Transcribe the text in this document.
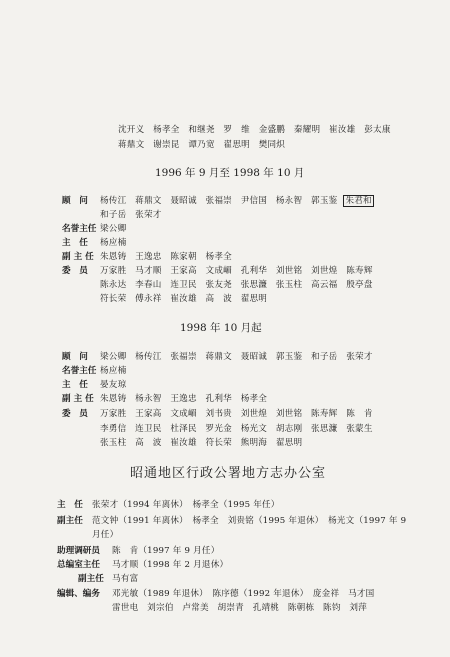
沈开义　杨孝全　和继尧　罗　维　金盛鹏　秦耀明　崔汝雄　彭太康
蒋鼎文　谢崇昆　谭乃宽　翟思明　樊同炽
1996 年 9 月至 1998 年 10 月
顾　问 杨传江　蒋鼎文　聂昭诚　张福崇　尹信国　杨永智　郭玉鉴 朱君和
和子岳　张荣才
名誉主任 梁公卿
主　任 杨应楠
副 主 任 朱恩铸　王逸忠　陈家朝　杨孝全
委　员 万家胜　马才顺　王家高　文成嵋　孔利华　刘世铭　刘世煌　陈寿辉
陈永达　李春山　连卫民　张友尧　张思濂　张玉柱　高云福　殷亭盘
符长荣　傅永祥　崔汝雄　高　波　翟思明
1998 年 10 月起
顾　问 梁公卿　杨传江　张福崇　蒋鼎文　聂昭诚　郭玉鉴　和子岳　张荣才
名誉主任 杨应楠
主　任 晏友琼
副 主 任 朱恩铸　杨永智　王逸忠　孔利华　杨孝全
委　员 万家胜　王家高　文成嵋　刘书贵　刘世煌　刘世铭　陈寿辉　陈　肯
李勇信　连卫民　杜泽民　罗光金　杨光文　胡志刚　张思濂　张蒙生
张玉柱　高　波　崔汝雄　符长荣　熊明海　翟思明
昭通地区行政公署地方志办公室
主　任 张荣才（1994 年离休）　杨孝全（1995 年任）
副主任 范文钟（1991 年离休）　杨孝全　刘贵铭（1995 年退休）　杨光文（1997 年 9
月任）
助理调研员 陈　肯（1997 年 9 月任）
总编室主任 马才顺（1998 年 2 月退休）
副主任 马有富
编辑、编务 邓光敏（1989 年退休）　陈序德（1992 年退休）　庞金祥　马才国
雷世电　刘宗伯　卢常美　胡崇青　孔靖桃　陈朝栋　陈钧　刘萍
